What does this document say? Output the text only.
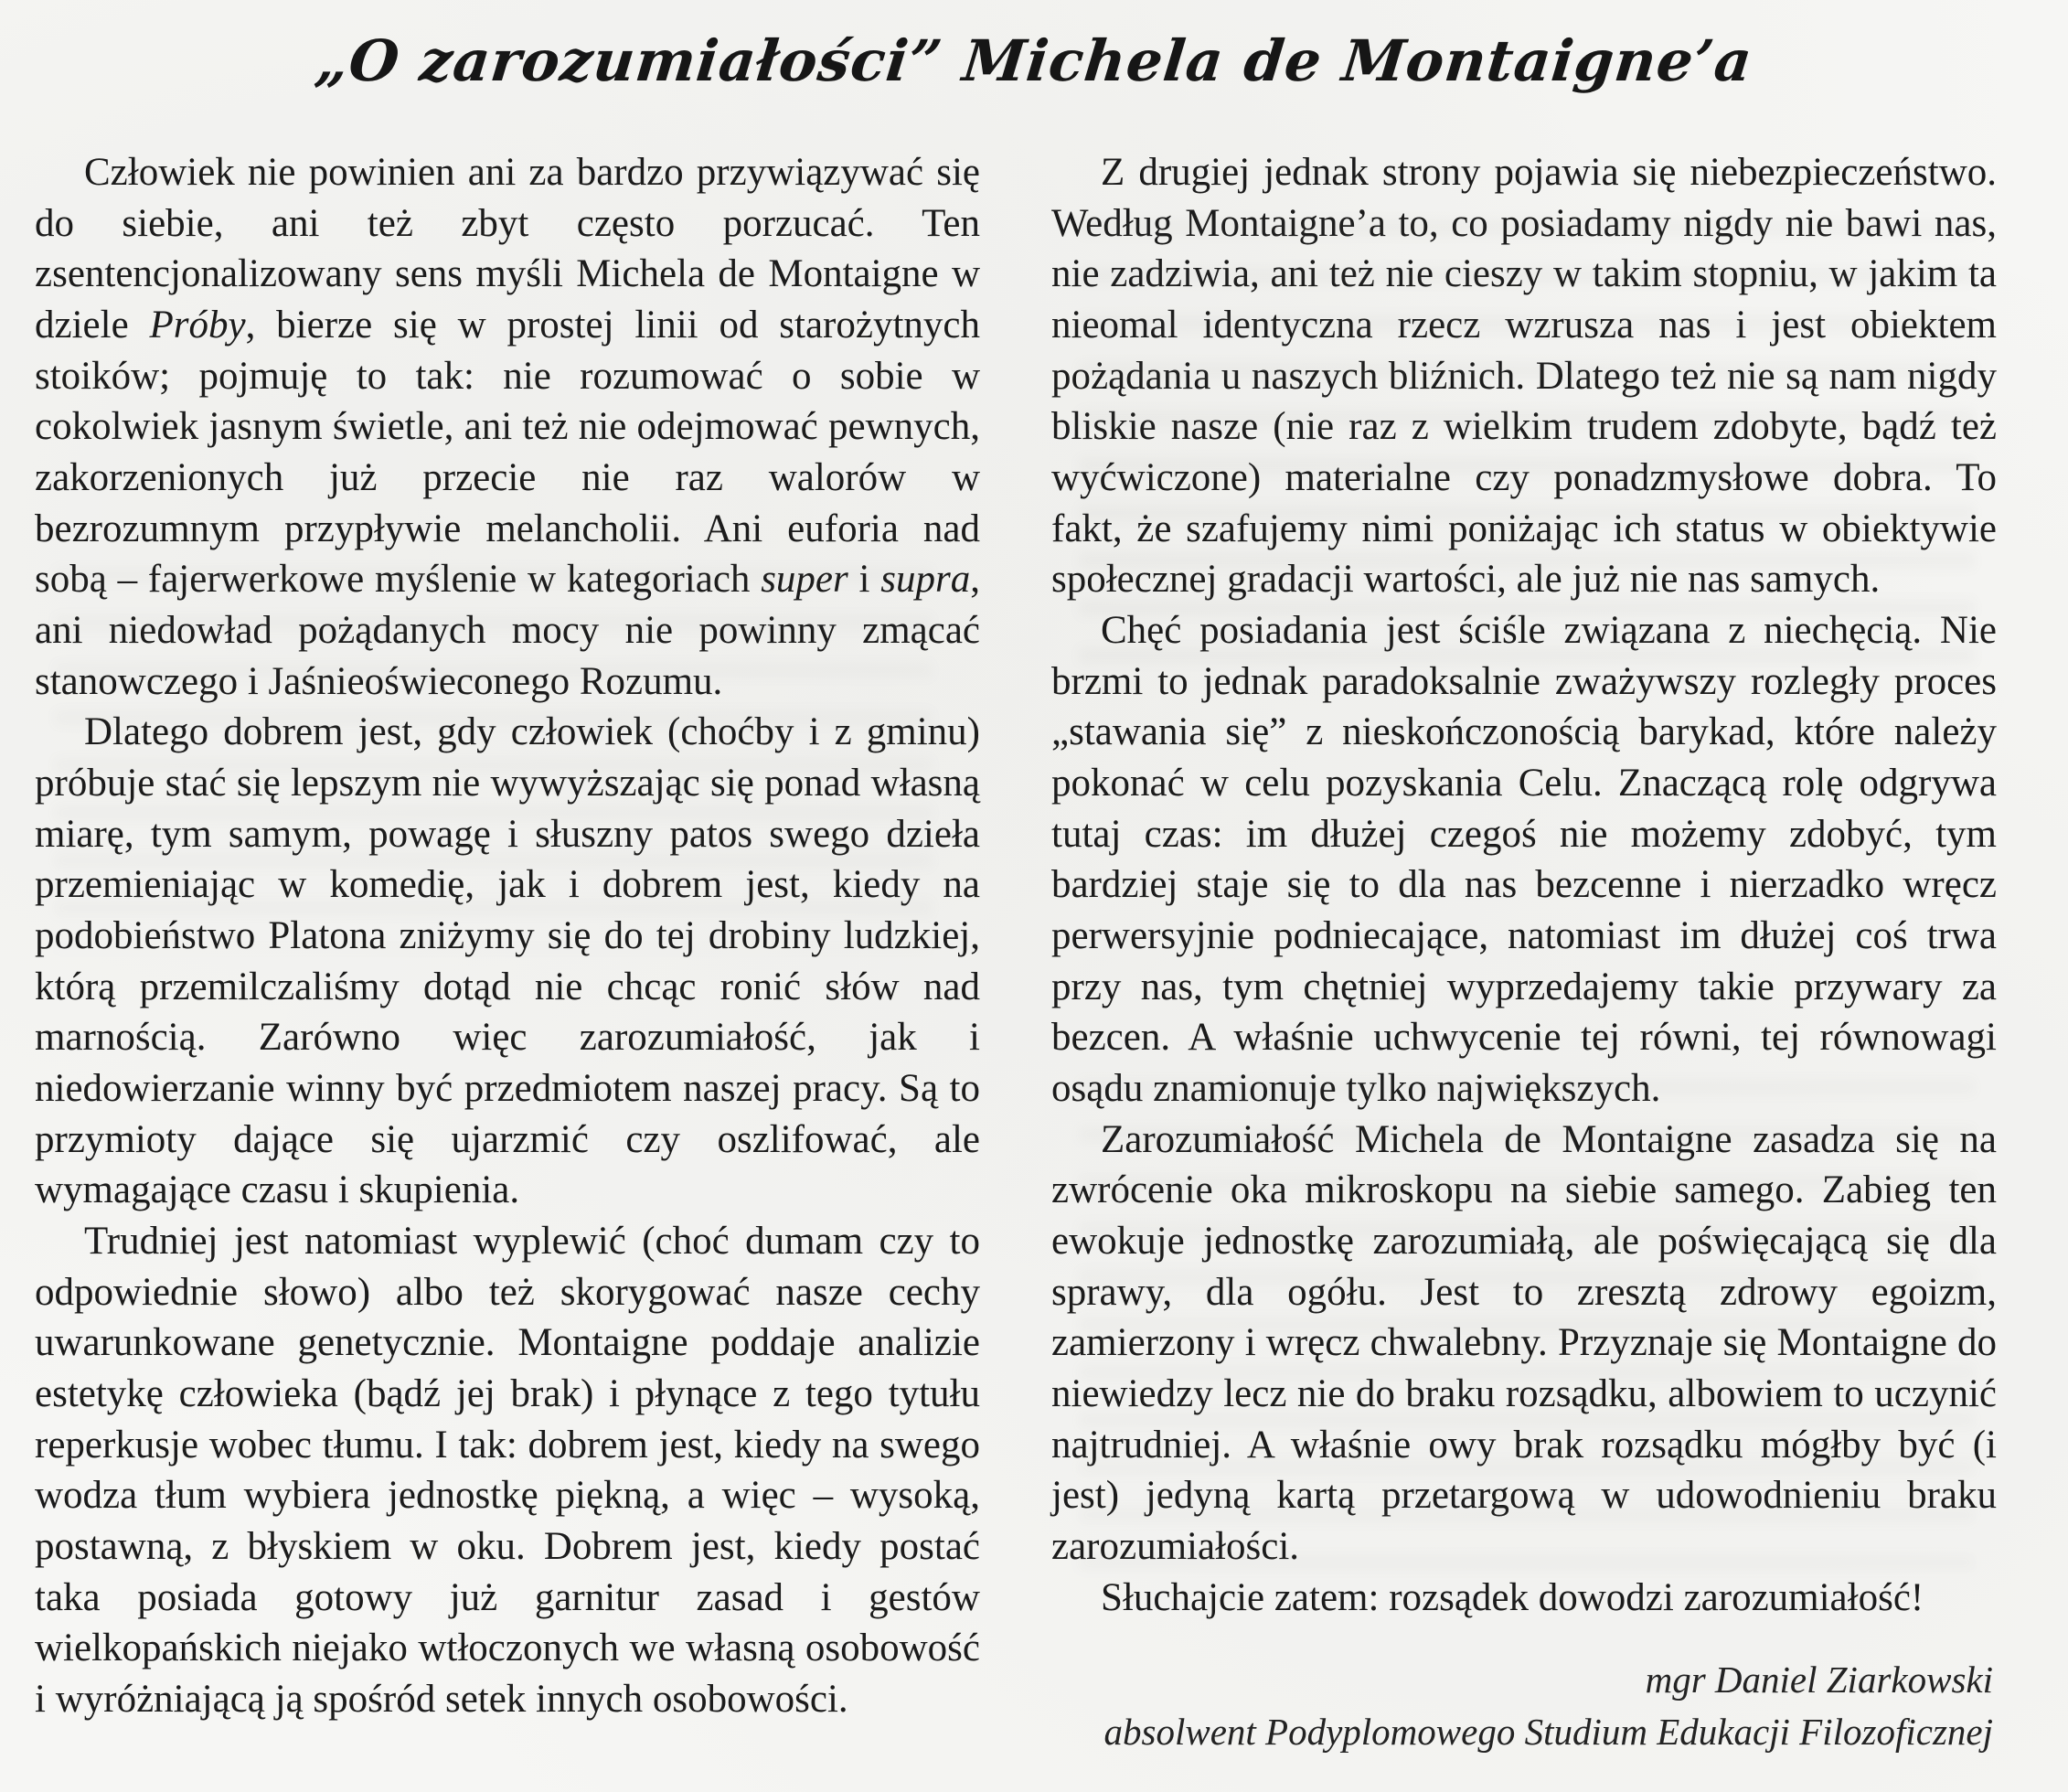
„O zarozumiałości” Michela de Montaigne’a

Człowiek nie powinien ani za bardzo przywiązywać się do siebie, ani też zbyt często porzucać. Ten zsentencjonalizowany sens myśli Michela de Montaigne w dziele Próby, bierze się w prostej linii od starożytnych stoików; pojmuję to tak: nie rozumować o sobie w cokolwiek jasnym świetle, ani też nie odejmować pewnych, zakorzenionych już przecie nie raz walorów w bezrozumnym przypływie melancholii. Ani euforia nad sobą – fajerwerkowe myślenie w kategoriach super i supra, ani niedowład pożądanych mocy nie powinny zmącać stanowczego i Jaśnieoświeconego Rozumu.

Dlatego dobrem jest, gdy człowiek (choćby i z gminu) próbuje stać się lepszym nie wywyższając się ponad własną miarę, tym samym, powagę i słuszny patos swego dzieła przemieniając w komedię, jak i dobrem jest, kiedy na podobieństwo Platona zniżymy się do tej drobiny ludzkiej, którą przemilczaliśmy dotąd nie chcąc ronić słów nad marnością. Zarówno więc zarozumiałość, jak i niedowierzanie winny być przedmiotem naszej pracy. Są to przymioty dające się ujarzmić czy oszlifować, ale wymagające czasu i skupienia.

Trudniej jest natomiast wyplewić (choć dumam czy to odpowiednie słowo) albo też skorygować nasze cechy uwarunkowane genetycznie. Montaigne poddaje analizie estetykę człowieka (bądź jej brak) i płynące z tego tytułu reperkusje wobec tłumu. I tak: dobrem jest, kiedy na swego wodza tłum wybiera jednostkę piękną, a więc – wysoką, postawną, z błyskiem w oku. Dobrem jest, kiedy postać taka posiada gotowy już garnitur zasad i gestów wielkopańskich niejako wtłoczonych we własną osobowość i wyróżniającą ją spośród setek innych osobowości.

Z drugiej jednak strony pojawia się niebezpieczeństwo. Według Montaigne’a to, co posiadamy nigdy nie bawi nas, nie zadziwia, ani też nie cieszy w takim stopniu, w jakim ta nieomal identyczna rzecz wzrusza nas i jest obiektem pożądania u naszych bliźnich. Dlatego też nie są nam nigdy bliskie nasze (nie raz z wielkim trudem zdobyte, bądź też wyćwiczone) materialne czy ponadzmysłowe dobra. To fakt, że szafujemy nimi poniżając ich status w obiektywie społecznej gradacji wartości, ale już nie nas samych.

Chęć posiadania jest ściśle związana z niechęcią. Nie brzmi to jednak paradoksalnie zważywszy rozległy proces „stawania się” z nieskończonością barykad, które należy pokonać w celu pozyskania Celu. Znaczącą rolę odgrywa tutaj czas: im dłużej czegoś nie możemy zdobyć, tym bardziej staje się to dla nas bezcenne i nierzadko wręcz perwersyjnie podniecające, natomiast im dłużej coś trwa przy nas, tym chętniej wyprzedajemy takie przywary za bezcen. A właśnie uchwycenie tej równi, tej równowagi osądu znamionuje tylko największych.

Zarozumiałość Michela de Montaigne zasadza się na zwrócenie oka mikroskopu na siebie samego. Zabieg ten ewokuje jednostkę zarozumiałą, ale poświęcającą się dla sprawy, dla ogółu. Jest to zresztą zdrowy egoizm, zamierzony i wręcz chwalebny. Przyznaje się Montaigne do niewiedzy lecz nie do braku rozsądku, albowiem to uczynić najtrudniej. A właśnie owy brak rozsądku mógłby być (i jest) jedyną kartą przetargową w udowodnieniu braku zarozumiałości.

Słuchajcie zatem: rozsądek dowodzi zarozumiałość!

mgr Daniel Ziarkowski
absolwent Podyplomowego Studium Edukacji Filozoficznej
